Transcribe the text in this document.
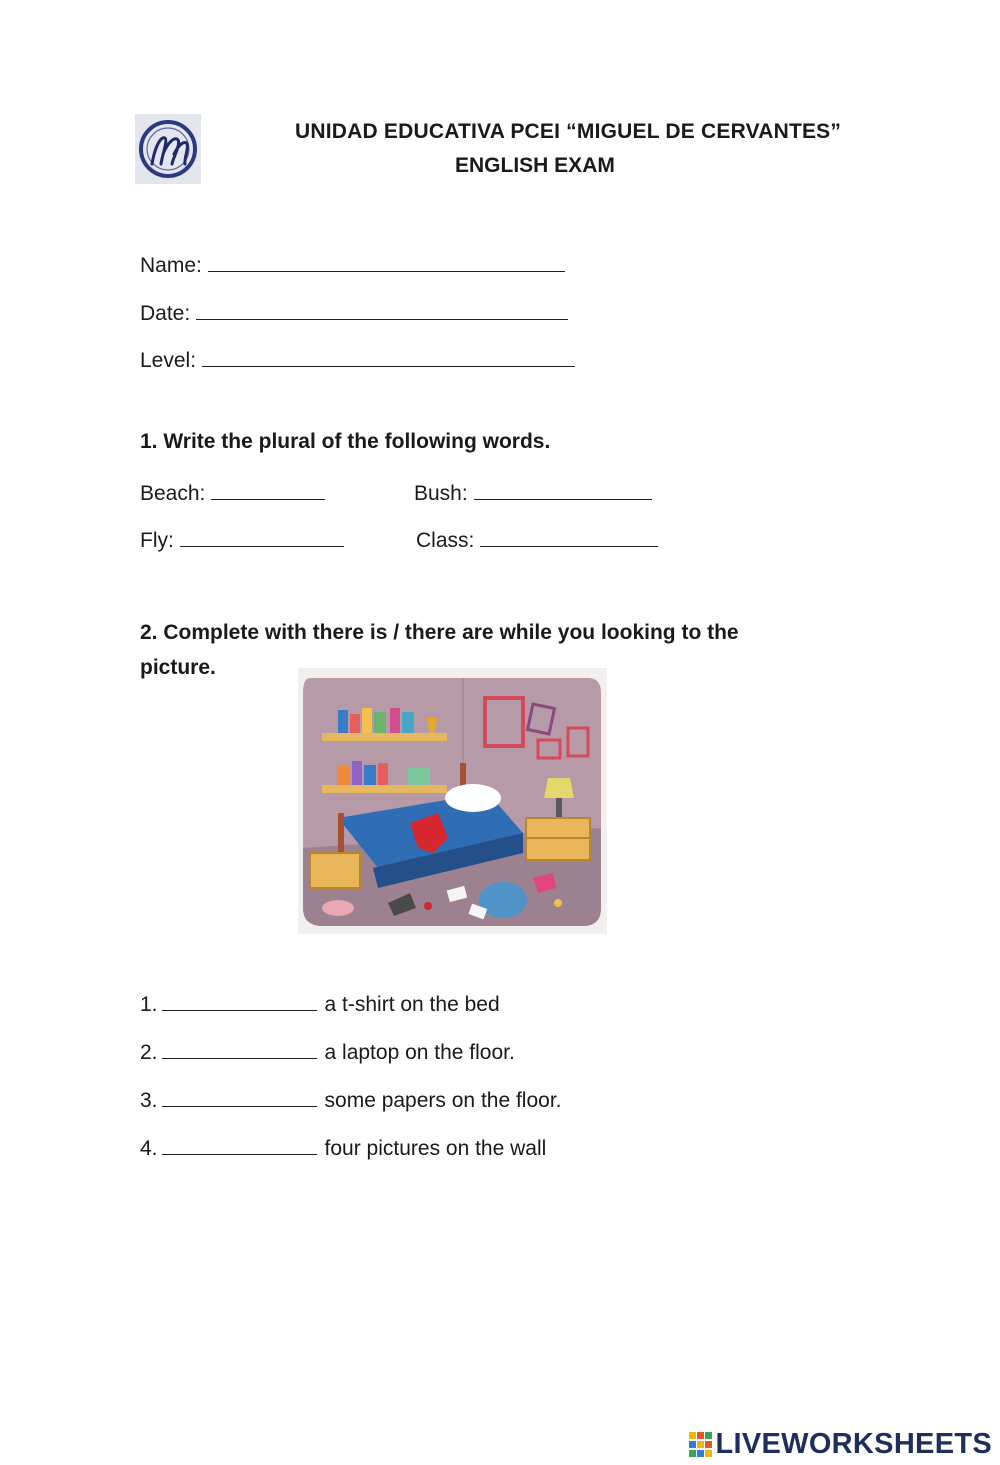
UNIDAD EDUCATIVA PCEI “MIGUEL DE CERVANTES”
ENGLISH EXAM
Name:
Date:
Level:
1. Write the plural of the following words.
Beach:	Bush:
Fly:	Class:
2. Complete with there is / there are while you looking to the
picture.
1.	a t-shirt on the bed
2.	a laptop on the floor.
3.	some papers on the floor.
4.	four pictures on the wall
LIVEWORKSHEETS
